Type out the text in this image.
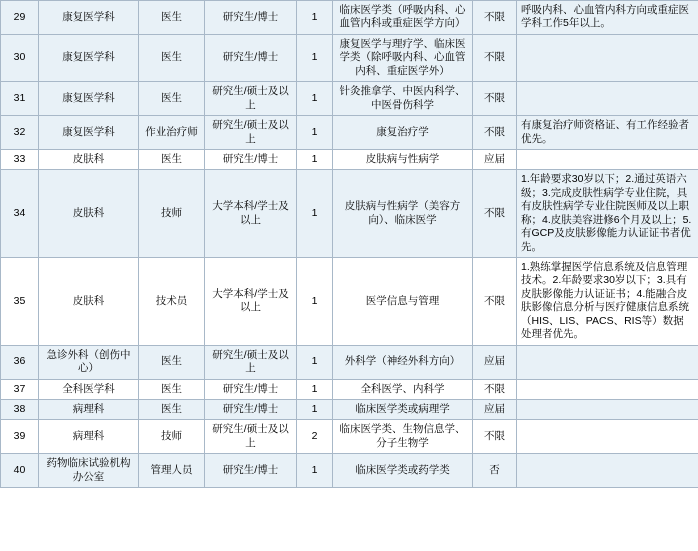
29	康复医学科	医生	研究生/博士	1	临床医学类（呼吸内科、心血管内科或重症医学方向）	不限	呼吸内科、心血管内科方向或重症医学科工作5年以上。
30	康复医学科	医生	研究生/博士	1	康复医学与理疗学、临床医学类（除呼吸内科、心血管内科、重症医学外）	不限	
31	康复医学科	医生	研究生/硕士及以上	1	针灸推拿学、中医内科学、中医骨伤科学	不限	
32	康复医学科	作业治疗师	研究生/硕士及以上	1	康复治疗学	不限	有康复治疗师资格证、有工作经验者优先。
33	皮肤科	医生	研究生/博士	1	皮肤病与性病学	应届	
34	皮肤科	技师	大学本科/学士及以上	1	皮肤病与性病学（美容方向）、临床医学	不限	1.年龄要求30岁以下；2.通过英语六级；3.完成皮肤性病学专业住院，具有皮肤性病学专业住院医师及以上职称；4.皮肤美容进修6个月及以上；5.有GCP及皮肤影像能力认证证书者优先。
35	皮肤科	技术员	大学本科/学士及以上	1	医学信息与管理	不限	1.熟练掌握医学信息系统及信息管理技术。2.年龄要求30岁以下；3.具有皮肤影像能力认证证书；4.能融合皮肤影像信息分析与医疗健康信息系统（HIS、LIS、PACS、RIS等）数据处理者优先。
36	急诊外科（创伤中心）	医生	研究生/硕士及以上	1	外科学（神经外科方向）	应届	
37	全科医学科	医生	研究生/博士	1	全科医学、内科学	不限	
38	病理科	医生	研究生/博士	1	临床医学类或病理学	应届	
39	病理科	技师	研究生/硕士及以上	2	临床医学类、生物信息学、分子生物学	不限	
40	药物临床试验机构办公室	管理人员	研究生/博士	1	临床医学类或药学类	否	
